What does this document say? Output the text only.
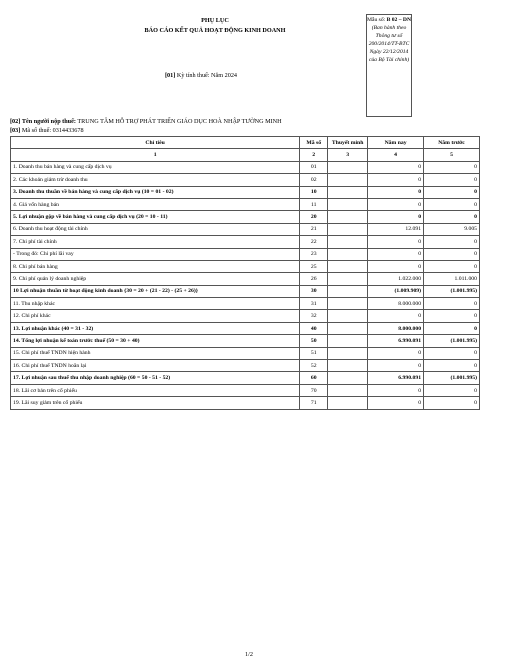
PHỤ LỤC
BÁO CÁO KẾT QUẢ HOẠT ĐỘNG KINH DOANH
[01] Kỳ tính thuế: Năm 2024
Mẫu số: B 02 – DN
(Ban hành theo Thông tư số 200/2014/TT-BTC Ngày 22/12/2014 của Bộ Tài chính)
[02] Tên người nộp thuế: TRUNG TÂM HỖ TRỢ PHÁT TRIỂN GIÁO DỤC HOÀ NHẬP TƯỜNG MINH
[03] Mã số thuế: 0314433678
Chỉ tiêu	Mã số	Thuyết minh	Năm nay	Năm trước
1	2	3	4	5
1. Doanh thu bán hàng và cung cấp dịch vụ	01		0	0
2. Các khoản giảm trừ doanh thu	02		0	0
3. Doanh thu thuần về bán hàng và cung cấp dịch vụ (10 = 01 - 02)	10		0	0
4. Giá vốn hàng bán	11		0	0
5. Lợi nhuận gộp về bán hàng và cung cấp dịch vụ (20 = 10 - 11)	20		0	0
6. Doanh thu hoạt động tài chính	21		12.091	9.005
7. Chi phí tài chính	22		0	0
- Trong đó: Chi phí lãi vay	23		0	0
8. Chi phí bán hàng	25		0	0
9. Chi phí quản lý doanh nghiệp	26		1.022.000	1.011.000
10 Lợi nhuận thuần từ hoạt động kinh doanh {30 = 20 + (21 - 22) - (25 + 26)}	30		(1.009.909)	(1.001.995)
11. Thu nhập khác	31		8.000.000	0
12. Chi phí khác	32		0	0
13. Lợi nhuận khác (40 = 31 - 32)	40		8.000.000	0
14. Tổng lợi nhuận kế toán trước thuế (50 = 30 + 40)	50		6.990.091	(1.001.995)
15. Chi phí thuế TNDN hiện hành	51		0	0
16. Chi phí thuế TNDN hoãn lại	52		0	0
17. Lợi nhuận sau thuế thu nhập doanh nghiệp (60 = 50 - 51 - 52)	60		6.990.091	(1.001.995)
18. Lãi cơ bản trên cổ phiếu	70		0	0
19. Lãi suy giảm trên cổ phiếu	71		0	0
1/2
